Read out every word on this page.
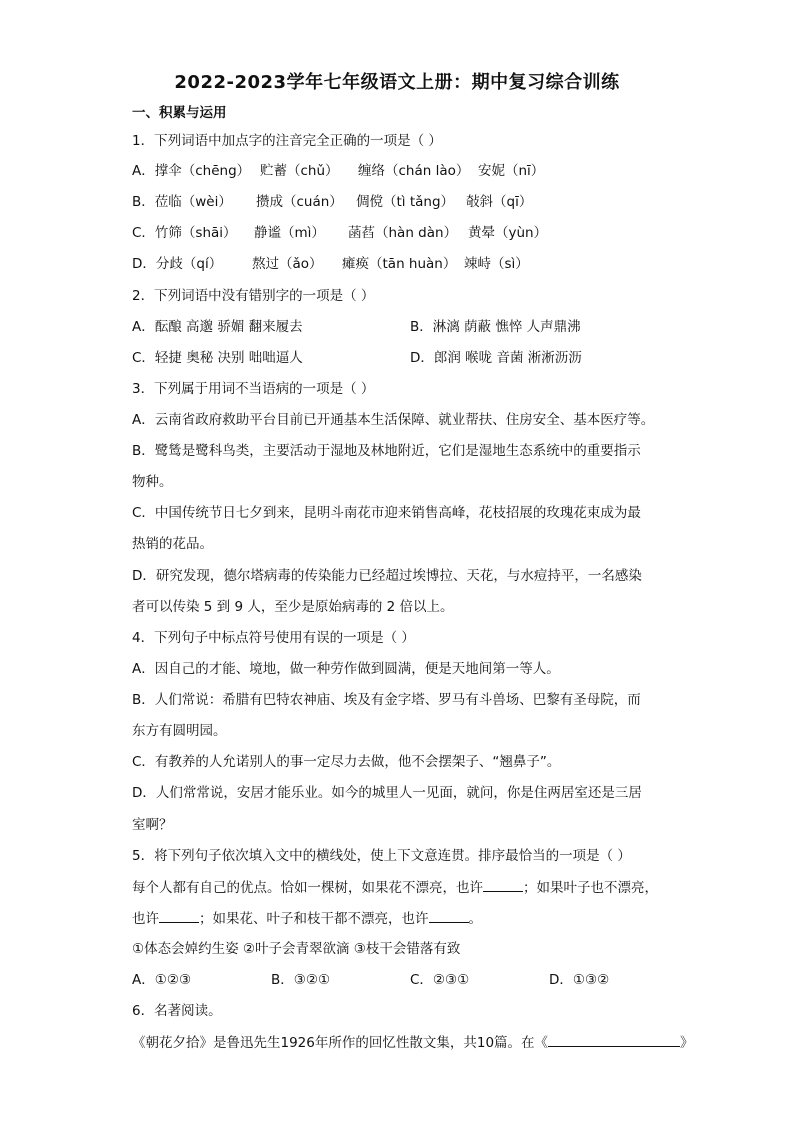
2022-2023学年七年级语文上册：期中复习综合训练
一、积累与运用
1．下列词语中加点字的注音完全正确的一项是（ ）
A．撑伞（chēng） 贮蓄（chǔ） 缠络（chán lào） 安妮（nī）
B．莅临（wèi） 攒成（cuán） 倜傥（tì tǎng） 敧斜（qī）
C．竹筛（shāi） 静谧（mì） 菡萏（hàn dàn） 黄晕（yùn）
D．分歧（qí） 熬过（ǎo） 瘫痪（tān huàn） 竦峙（sì）
2．下列词语中没有错别字的一项是（ ）
A．酝酿 高邈 骄媚 翻来履去	B．淋漓 荫蔽 憔悴 人声鼎沸
C．轻捷 奥秘 决别 咄咄逼人	D．郎润 喉咙 音菌 淅淅沥沥
3．下列属于用词不当语病的一项是（ ）
A．云南省政府救助平台目前已开通基本生活保障、就业帮扶、住房安全、基本医疗等。
B．鹭鸶是鹭科鸟类，主要活动于湿地及林地附近，它们是湿地生态系统中的重要指示
物种。
C．中国传统节日七夕到来，昆明斗南花市迎来销售高峰，花枝招展的玫瑰花束成为最
热销的花品。
D．研究发现，德尔塔病毒的传染能力已经超过埃博拉、天花，与水痘持平，一名感染
者可以传染 5 到 9 人，至少是原始病毒的 2 倍以上。
4．下列句子中标点符号使用有误的一项是（ ）
A．因自己的才能、境地，做一种劳作做到圆满，便是天地间第一等人。
B．人们常说：希腊有巴特农神庙、埃及有金字塔、罗马有斗兽场、巴黎有圣母院，而
东方有圆明园。
C．有教养的人允诺别人的事一定尽力去做，他不会摆架子、“翘鼻子”。
D．人们常常说，安居才能乐业。如今的城里人一见面，就问，你是住两居室还是三居
室啊？
5．将下列句子依次填入文中的横线处，使上下文意连贯。排序最恰当的一项是（ ）
每个人都有自己的优点。恰如一棵树，如果花不漂亮，也许	；如果叶子也不漂亮，
也许	；如果花、叶子和枝干都不漂亮，也许	。
①体态会婥约生姿 ②叶子会青翠欲滴 ③枝干会错落有致
A．①②③	B．③②①	C．②③①	D．①③②
6．名著阅读。
《朝花夕拾》是鲁迅先生1926年所作的回忆性散文集，共10篇。在《	》
